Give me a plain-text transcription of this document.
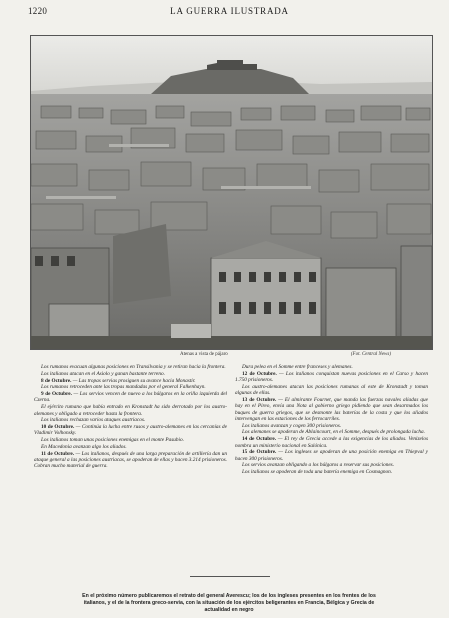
1220	LA GUERRA ILUSTRADA
Atenas a vista de pájaro	(Fot. Central News)

Los rumanos evacuan algunas posiciones en Transilvania y se retiran hacia la frontera.

Los italianos atacan en el Asiolo y ganan bastante terreno.

8 de Octubre. — Las tropas servias prosiguen su avance hacia Monastir.

Los rumanos retroceden ante las tropas mandadas por el general Falkenhayn.

9 de Octubre. — Los servios vencen de nuevo a los búlgaros en la orilla izquierda del Czerna.

El ejército rumano que había entrado en Kronstadt ha sido derrotado por los austro-alemanes y obligado a retroceder hasta la frontera.

Los italianos rechazan varios ataques austriacos.

10 de Octubre. — Continúa la lucha entre rusos y austro-alemanes en las cercanías de Vladimir Volhonsky.

Los italianos toman unas posiciones enemigas en el monte Pasubio.

En Macedonia avanzan algo los aliados.

11 de Octubre. — Los italianos, después de una larga preparación de artillería dan un ataque general a las posiciones austriacas, se apoderan de ellas y hacen 3.214 prisioneros. Cobran mucho material de guerra.

Dura pelea en el Somme entre franceses y alemanes.

12 de Octubre. — Los italianos conquistan nuevas posiciones en el Carso y hacen 1.750 prisioneros.

Los austro-alemanes atacan las posiciones rumanas al este de Kronstadt y toman algunas de ellas.

13 de Octubre. — El almirante Fournet, que manda las fuerzas navales aliadas que hay en el Pireo, envía una Nota al gobierno griego pidiendo que sean desarmados los buques de guerra griegos, que se desmonte las baterías de la costa y que los aliados intervengan en las estaciones de los ferrocarriles.

Los italianos avanzan y cogen 300 prisioneros.

Los alemanes se apoderan de Ablaincourt, en el Somme, después de prolongada lucha.

14 de Octubre. — El rey de Grecia accede a las exigencias de los aliados. Venizelos nombra un ministerio nacional en Salónica.

15 de Octubre. — Los ingleses se apoderan de una posición enemiga en Thiepval y hacen 300 prisioneros.

Los servios avanzan obligando a los búlgaros a reservar sus posiciones.

Los italianos se apoderan de toda una batería enemiga en Cosmagnon.

En el próximo número publicaremos el retrato del general Averescu; los de los ingleses presentes en los frentes de los
italianos, y el de la frontera greco-servia, con la situación de los ejércitos beligerantes en Francia, Bélgica y Grecia de
actualidad en negro
